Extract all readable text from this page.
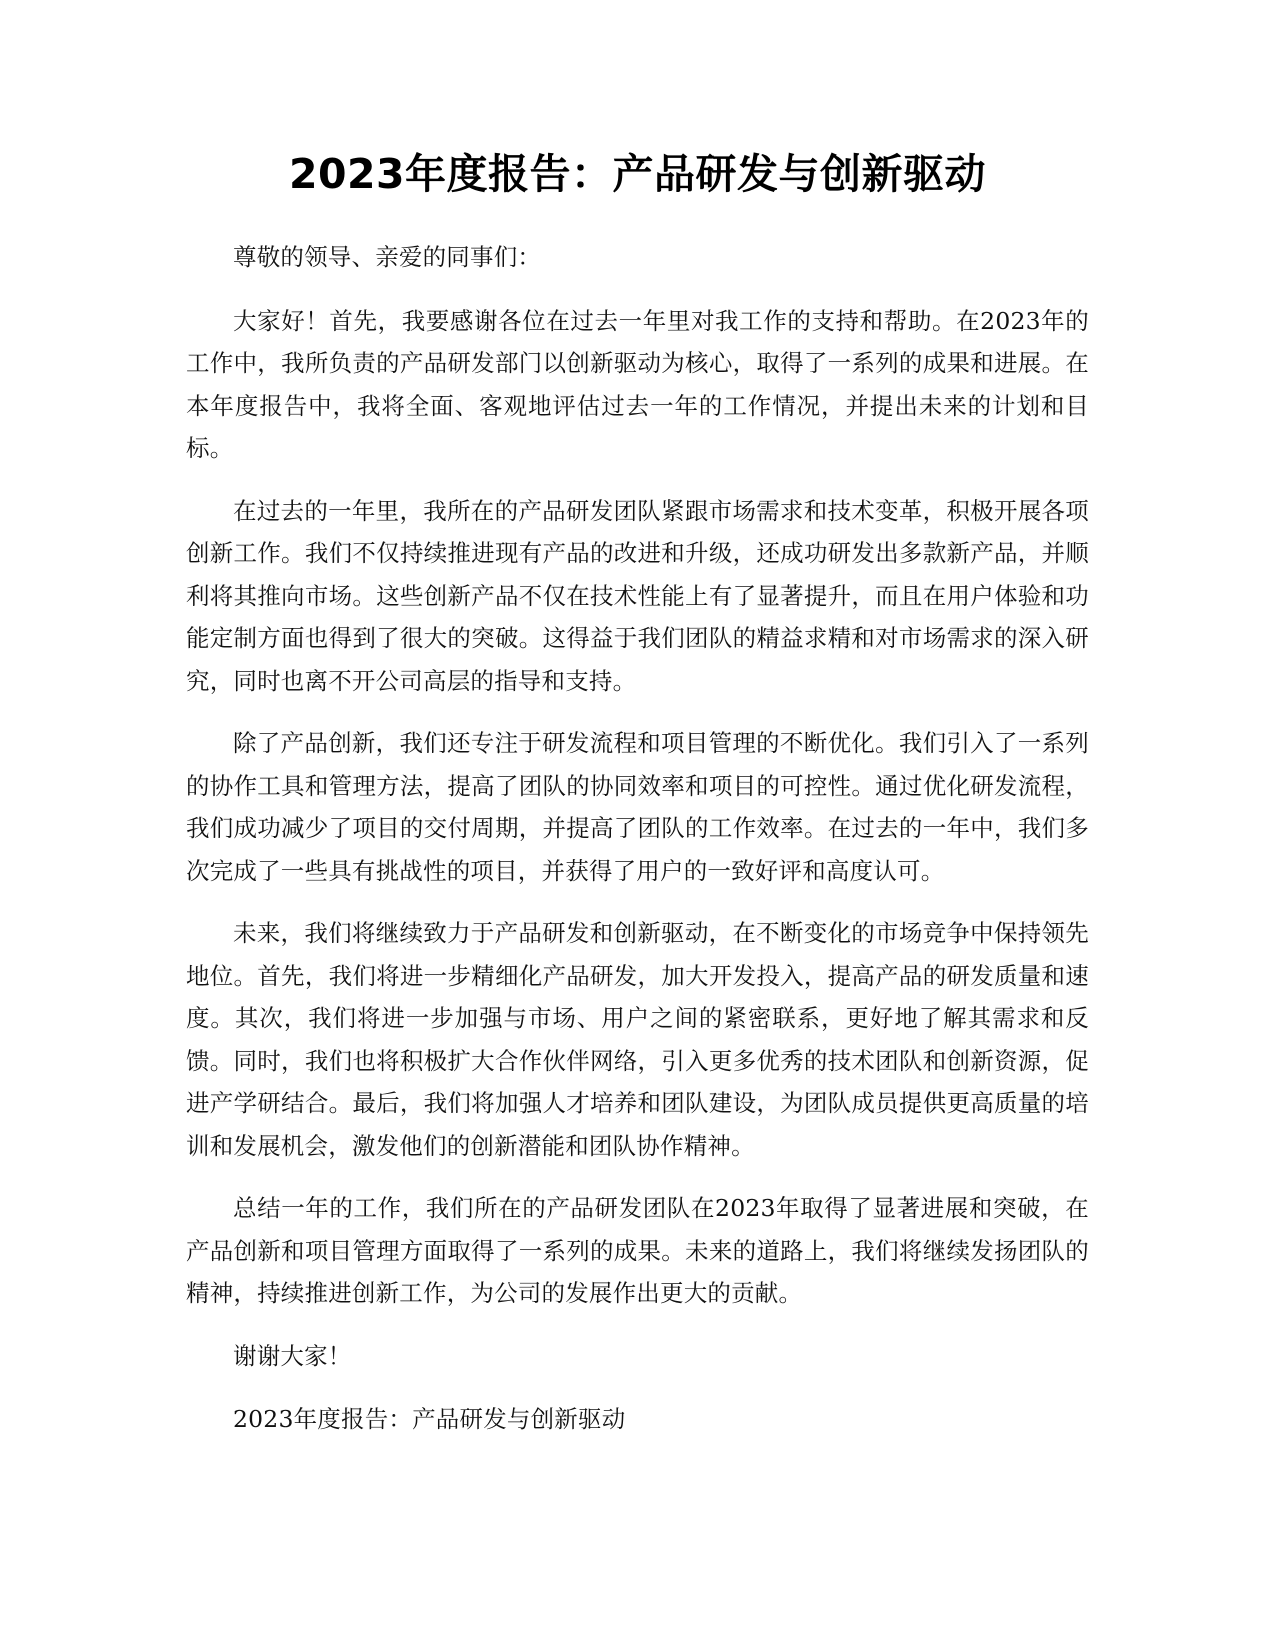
2023年度报告：产品研发与创新驱动

尊敬的领导、亲爱的同事们：

大家好！首先，我要感谢各位在过去一年里对我工作的支持和帮助。在2023年的工作中，我所负责的产品研发部门以创新驱动为核心，取得了一系列的成果和进展。在本年度报告中，我将全面、客观地评估过去一年的工作情况，并提出未来的计划和目标。

在过去的一年里，我所在的产品研发团队紧跟市场需求和技术变革，积极开展各项创新工作。我们不仅持续推进现有产品的改进和升级，还成功研发出多款新产品，并顺利将其推向市场。这些创新产品不仅在技术性能上有了显著提升，而且在用户体验和功能定制方面也得到了很大的突破。这得益于我们团队的精益求精和对市场需求的深入研究，同时也离不开公司高层的指导和支持。

除了产品创新，我们还专注于研发流程和项目管理的不断优化。我们引入了一系列的协作工具和管理方法，提高了团队的协同效率和项目的可控性。通过优化研发流程，我们成功减少了项目的交付周期，并提高了团队的工作效率。在过去的一年中，我们多次完成了一些具有挑战性的项目，并获得了用户的一致好评和高度认可。

未来，我们将继续致力于产品研发和创新驱动，在不断变化的市场竞争中保持领先地位。首先，我们将进一步精细化产品研发，加大开发投入，提高产品的研发质量和速度。其次，我们将进一步加强与市场、用户之间的紧密联系，更好地了解其需求和反馈。同时，我们也将积极扩大合作伙伴网络，引入更多优秀的技术团队和创新资源，促进产学研结合。最后，我们将加强人才培养和团队建设，为团队成员提供更高质量的培训和发展机会，激发他们的创新潜能和团队协作精神。

总结一年的工作，我们所在的产品研发团队在2023年取得了显著进展和突破，在产品创新和项目管理方面取得了一系列的成果。未来的道路上，我们将继续发扬团队的精神，持续推进创新工作，为公司的发展作出更大的贡献。

谢谢大家！

2023年度报告：产品研发与创新驱动
